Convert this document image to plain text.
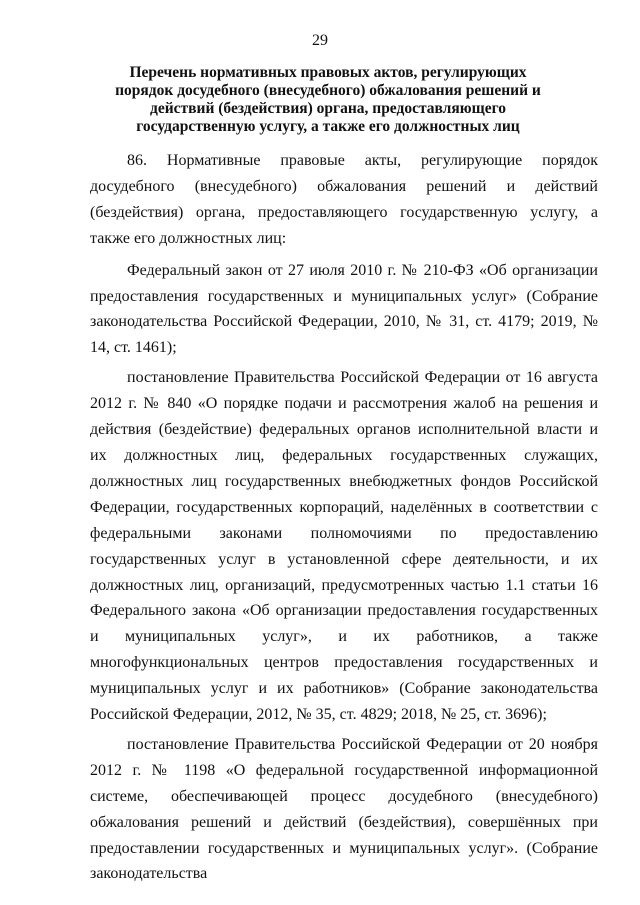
29
Перечень нормативных правовых актов, регулирующих порядок досудебного (внесудебного) обжалования решений и действий (бездействия) органа, предоставляющего государственную услугу, а также его должностных лиц

86. Нормативные правовые акты, регулирующие порядок досудебного (внесудебного) обжалования решений и действий (бездействия) органа, предоставляющего государственную услугу, а также его должностных лиц:

Федеральный закон от 27 июля 2010 г. № 210-ФЗ «Об организации предоставления государственных и муниципальных услуг» (Собрание законодательства Российской Федерации, 2010, № 31, ст. 4179; 2019, № 14, ст. 1461);

постановление Правительства Российской Федерации от 16 августа 2012 г. № 840 «О порядке подачи и рассмотрения жалоб на решения и действия (бездействие) федеральных органов исполнительной власти и их должностных лиц, федеральных государственных служащих, должностных лиц государственных внебюджетных фондов Российской Федерации, государственных корпораций, наделённых в соответствии с федеральными законами полномочиями по предоставлению государственных услуг в установленной сфере деятельности, и их должностных лиц, организаций, предусмотренных частью 1.1 статьи 16 Федерального закона «Об организации предоставления государственных и муниципальных услуг», и их работников, а также многофункциональных центров предоставления государственных и муниципальных услуг и их работников» (Собрание законодательства Российской Федерации, 2012, № 35, ст. 4829; 2018, № 25, ст. 3696);

постановление Правительства Российской Федерации от 20 ноября 2012 г. № 1198 «О федеральной государственной информационной системе, обеспечивающей процесс досудебного (внесудебного) обжалования решений и действий (бездействия), совершённых при предоставлении государственных и муниципальных услуг». (Собрание законодательства
